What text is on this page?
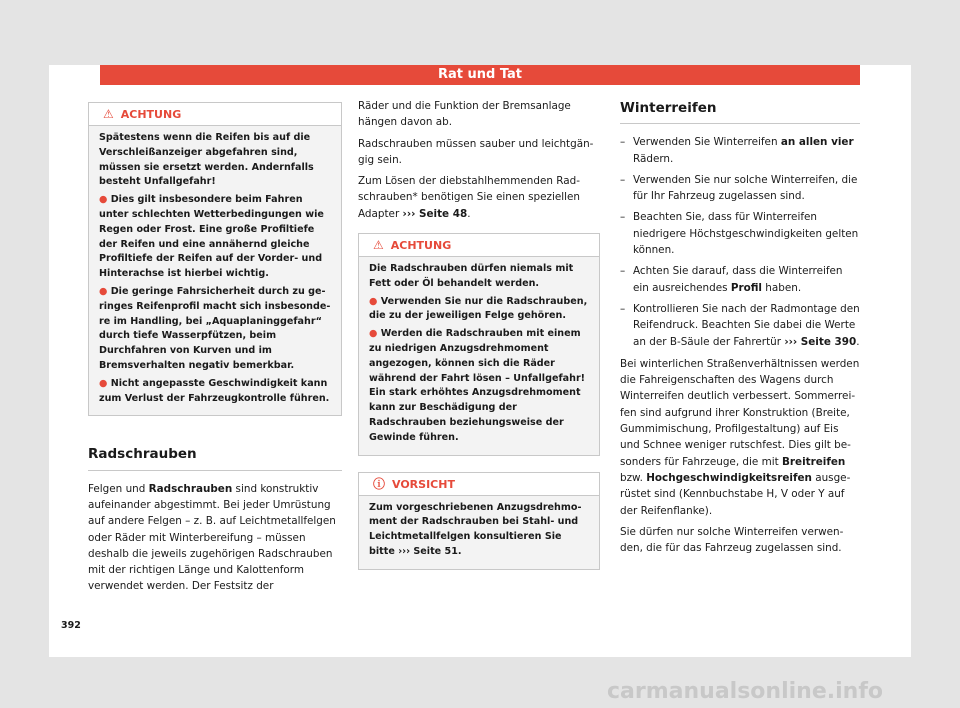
Rat und Tat
⚠ ACHTUNG

Spätestens wenn die Reifen bis auf die Verschleißanzeiger abgefahren sind, müssen sie ersetzt werden. Andernfalls besteht Unfallgefahr!

● Dies gilt insbesondere beim Fahren unter schlechten Wetterbedingungen wie Regen oder Frost. Eine große Profiltiefe der Reifen und eine annähernd gleiche Profiltiefe der Reifen auf der Vorder- und Hinterachse ist hierbei wichtig.

● Die geringe Fahrsicherheit durch zu geringes Reifenprofil macht sich insbesondere im Handling, bei „Aquaplaninggefahr“ durch tiefe Wasserpfützen, beim Durchfahren von Kurven und im Bremsverhalten negativ bemerkbar.

● Nicht angepasste Geschwindigkeit kann zum Verlust der Fahrzeugkontrolle führen.

Radschrauben

Felgen und Radschrauben sind konstruktiv aufeinander abgestimmt. Bei jeder Umrüstung auf andere Felgen – z. B. auf Leichtmetallfelgen oder Räder mit Winterbereifung – müssen deshalb die jeweils zugehörigen Radschrauben mit der richtigen Länge und Kalottenform verwendet werden. Der Festsitz der

Räder und die Funktion der Bremsanlage hängen davon ab.

Radschrauben müssen sauber und leichtgängig sein.

Zum Lösen der diebstahlhemmenden Radschrauben* benötigen Sie einen speziellen Adapter ››› Seite 48.

⚠ ACHTUNG

Die Radschrauben dürfen niemals mit Fett oder Öl behandelt werden.

● Verwenden Sie nur die Radschrauben, die zu der jeweiligen Felge gehören.

● Werden die Radschrauben mit einem zu niedrigen Anzugsdrehmoment angezogen, können sich die Räder während der Fahrt lösen – Unfallgefahr! Ein stark erhöhtes Anzugsdrehmoment kann zur Beschädigung der Radschrauben beziehungsweise der Gewinde führen.

ⓘ VORSICHT

Zum vorgeschriebenen Anzugsdrehmoment der Radschrauben bei Stahl- und Leichtmetallfelgen konsultieren Sie bitte ››› Seite 51.

Winterreifen
– Verwenden Sie Winterreifen an allen vier Rädern.
– Verwenden Sie nur solche Winterreifen, die für Ihr Fahrzeug zugelassen sind.
– Beachten Sie, dass für Winterreifen niedrigere Höchstgeschwindigkeiten gelten können.
– Achten Sie darauf, dass die Winterreifen ein ausreichendes Profil haben.
– Kontrollieren Sie nach der Radmontage den Reifendruck. Beachten Sie dabei die Werte an der B-Säule der Fahrertür ››› Seite 390.

Bei winterlichen Straßenverhältnissen werden die Fahreigenschaften des Wagens durch Winterreifen deutlich verbessert. Sommerreifen sind aufgrund ihrer Konstruktion (Breite, Gummimischung, Profilgestaltung) auf Eis und Schnee weniger rutschfest. Dies gilt besonders für Fahrzeuge, die mit Breitreifen bzw. Hochgeschwindigkeitsreifen ausgerüstet sind (Kennbuchstabe H, V oder Y auf der Reifenflanke).

Sie dürfen nur solche Winterreifen verwenden, die für das Fahrzeug zugelassen sind.

392
carmanualsonline.info
